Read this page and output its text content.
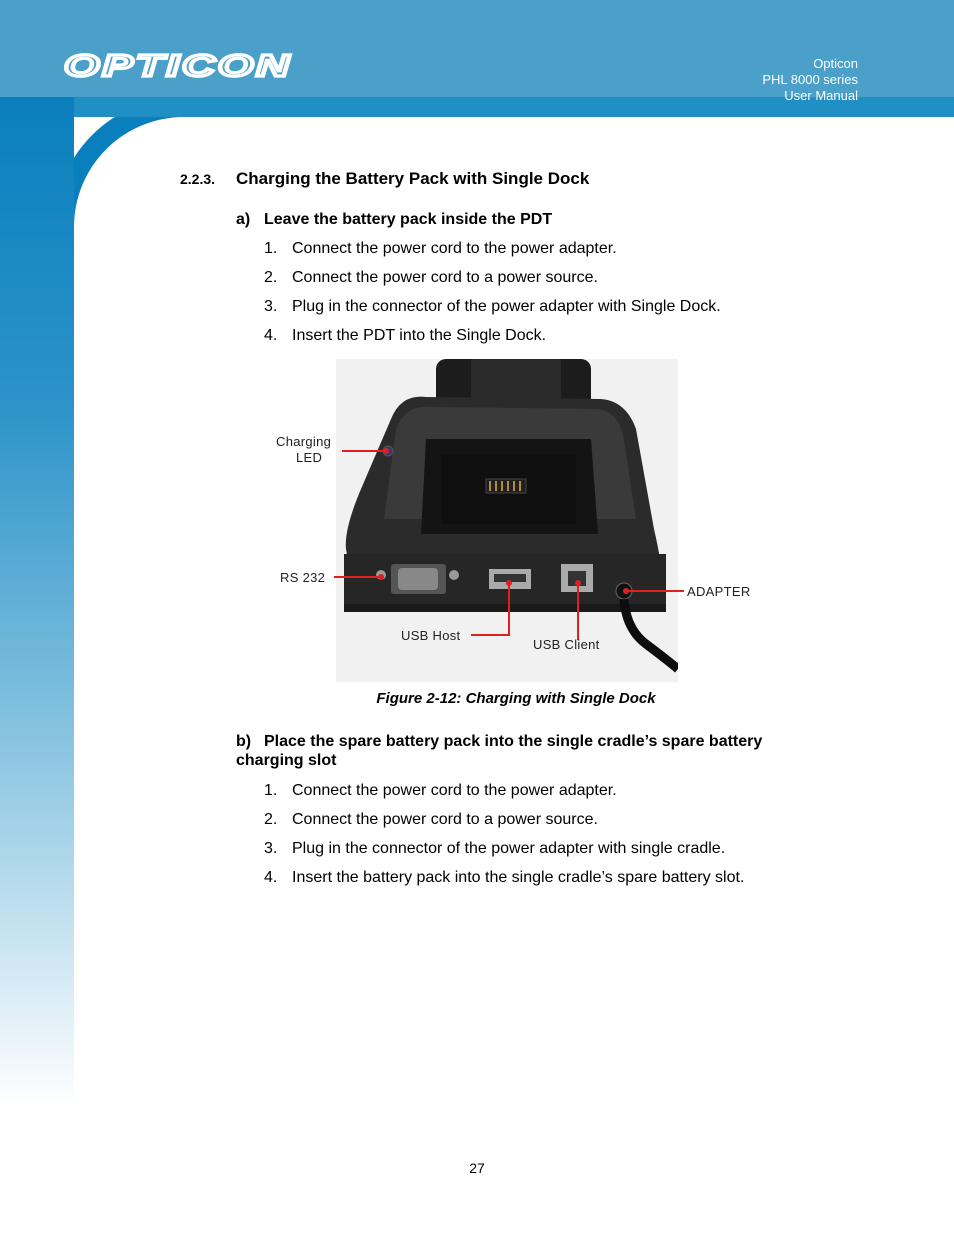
OPTICON	Opticon
PHL 8000 series
User Manual
2.2.3. Charging the Battery Pack with Single Dock
a) Leave the battery pack inside the PDT
1. Connect the power cord to the power adapter.
2. Connect the power cord to a power source.
3. Plug in the connector of the power adapter with Single Dock.
4. Insert the PDT into the Single Dock.
Charging
LED
RS 232
USB Host
USB Client
ADAPTER
Figure 2-12: Charging with Single Dock
b) Place the spare battery pack into the single cradle’s spare battery
charging slot
1. Connect the power cord to the power adapter.
2. Connect the power cord to a power source.
3. Plug in the connector of the power adapter with single cradle.
4. Insert the battery pack into the single cradle’s spare battery slot.
27
